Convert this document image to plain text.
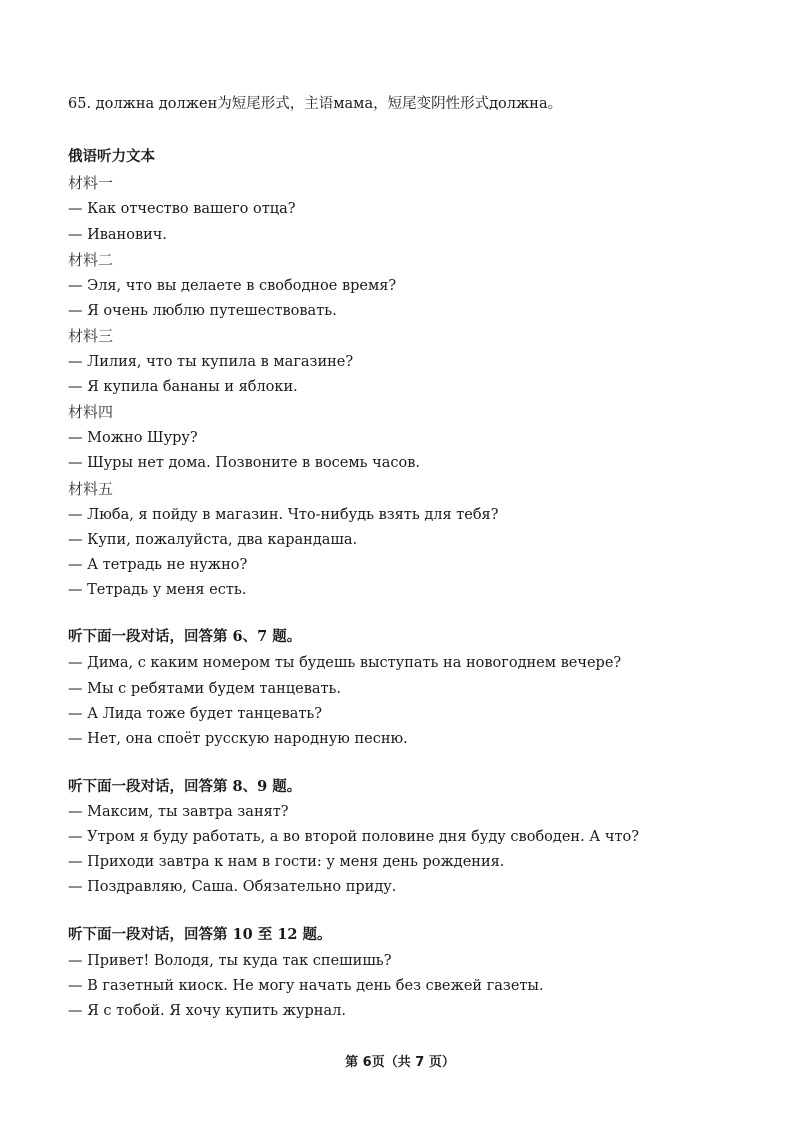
65. должна должен为短尾形式，主语мама，短尾变阴性形式должна。
俄语听力文本
材料一
— Как отчество вашего отца?
— Иванович.
材料二
— Эля, что вы делаете в свободное время?
— Я очень люблю путешествовать.
材料三
— Лилия, что ты купила в магазине?
— Я купила бананы и яблоки.
材料四
— Можно Шуру?
— Шуры нет дома. Позвоните в восемь часов.
材料五
— Люба, я пойду в магазин. Что-нибудь взять для тебя?
— Купи, пожалуйста, два карандаша.
— А тетрадь не нужно?
— Тетрадь у меня есть.
听下面一段对话，回答第 6、7 题。
— Дима, с каким номером ты будешь выступать на новогоднем вечере?
— Мы с ребятами будем танцевать.
— А Лида тоже будет танцевать?
— Нет, она споёт русскую народную песню.
听下面一段对话，回答第 8、9 题。
— Максим, ты завтра занят?
— Утром я буду работать, а во второй половине дня буду свободен. А что?
— Приходи завтра к нам в гости: у меня день рождения.
— Поздравляю, Саша. Обязательно приду.
听下面一段对话，回答第 10 至 12 题。
— Привет! Володя, ты куда так спешишь?
— В газетный киоск. Не могу начать день без свежей газеты.
— Я с тобой. Я хочу купить журнал.
第 6页（共 7 页）
